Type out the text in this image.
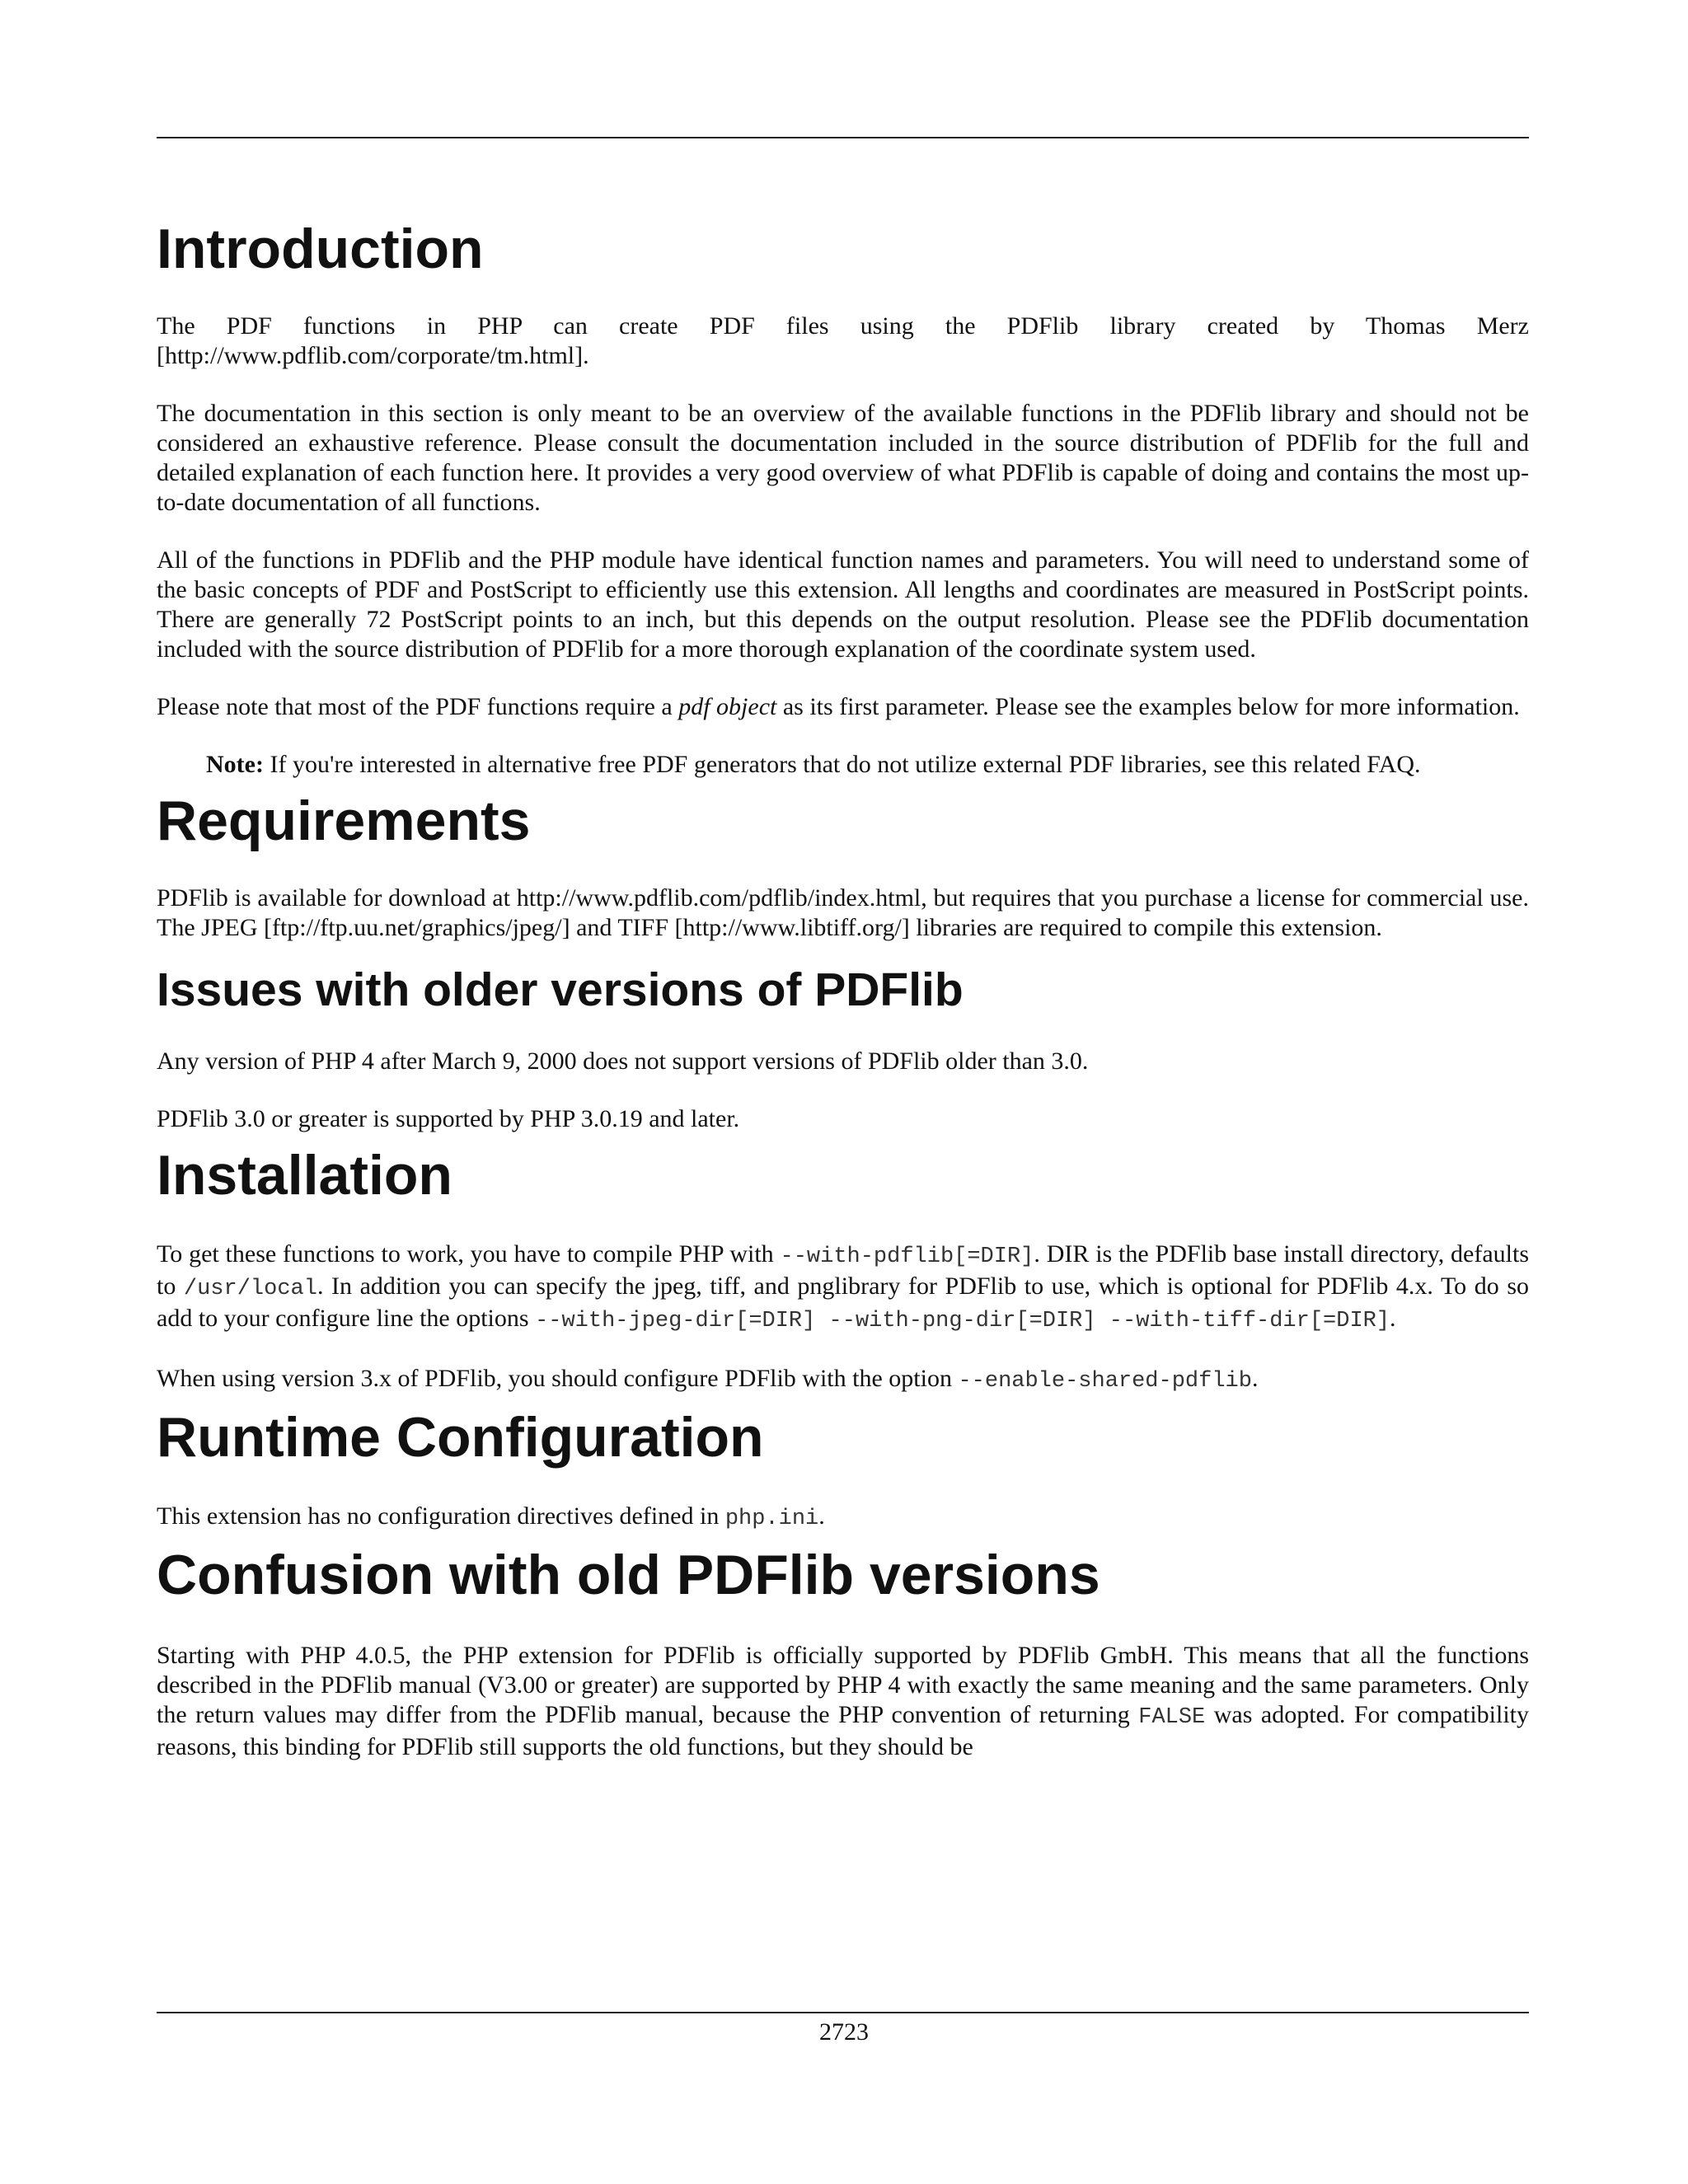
Introduction

The PDF functions in PHP can create PDF files using the PDFlib library created by Thomas Merz [http://www.pdflib.com/corporate/tm.html].

The documentation in this section is only meant to be an overview of the available functions in the PDFlib library and should not be considered an exhaustive reference. Please consult the documentation included in the source distribution of PDFlib for the full and detailed explanation of each function here. It provides a very good overview of what PDFlib is capable of doing and contains the most up-to-date documentation of all functions.

All of the functions in PDFlib and the PHP module have identical function names and parameters. You will need to understand some of the basic concepts of PDF and PostScript to efficiently use this extension. All lengths and coordinates are measured in PostScript points. There are generally 72 PostScript points to an inch, but this depends on the output resolution. Please see the PDFlib documentation included with the source distribution of PDFlib for a more thorough explanation of the coordinate system used.

Please note that most of the PDF functions require a pdf object as its first parameter. Please see the examples below for more information.

Note: If you're interested in alternative free PDF generators that do not utilize external PDF libraries, see this related FAQ.

Requirements

PDFlib is available for download at http://www.pdflib.com/pdflib/index.html, but requires that you purchase a license for commercial use. The JPEG [ftp://ftp.uu.net/graphics/jpeg/] and TIFF [http://www.libtiff.org/] libraries are required to compile this extension.

Issues with older versions of PDFlib

Any version of PHP 4 after March 9, 2000 does not support versions of PDFlib older than 3.0.

PDFlib 3.0 or greater is supported by PHP 3.0.19 and later.

Installation

To get these functions to work, you have to compile PHP with --with-pdflib[=DIR]. DIR is the PDFlib base install directory, defaults to /usr/local. In addition you can specify the jpeg, tiff, and pnglibrary for PDFlib to use, which is optional for PDFlib 4.x. To do so add to your configure line the options --with-jpeg-dir[=DIR] --with-png-dir[=DIR] --with-tiff-dir[=DIR].

When using version 3.x of PDFlib, you should configure PDFlib with the option --enable-shared-pdflib.

Runtime Configuration

This extension has no configuration directives defined in php.ini.

Confusion with old PDFlib versions

Starting with PHP 4.0.5, the PHP extension for PDFlib is officially supported by PDFlib GmbH. This means that all the functions described in the PDFlib manual (V3.00 or greater) are supported by PHP 4 with exactly the same meaning and the same parameters. Only the return values may differ from the PDFlib manual, because the PHP convention of returning FALSE was adopted. For compatibility reasons, this binding for PDFlib still supports the old functions, but they should be

2723
